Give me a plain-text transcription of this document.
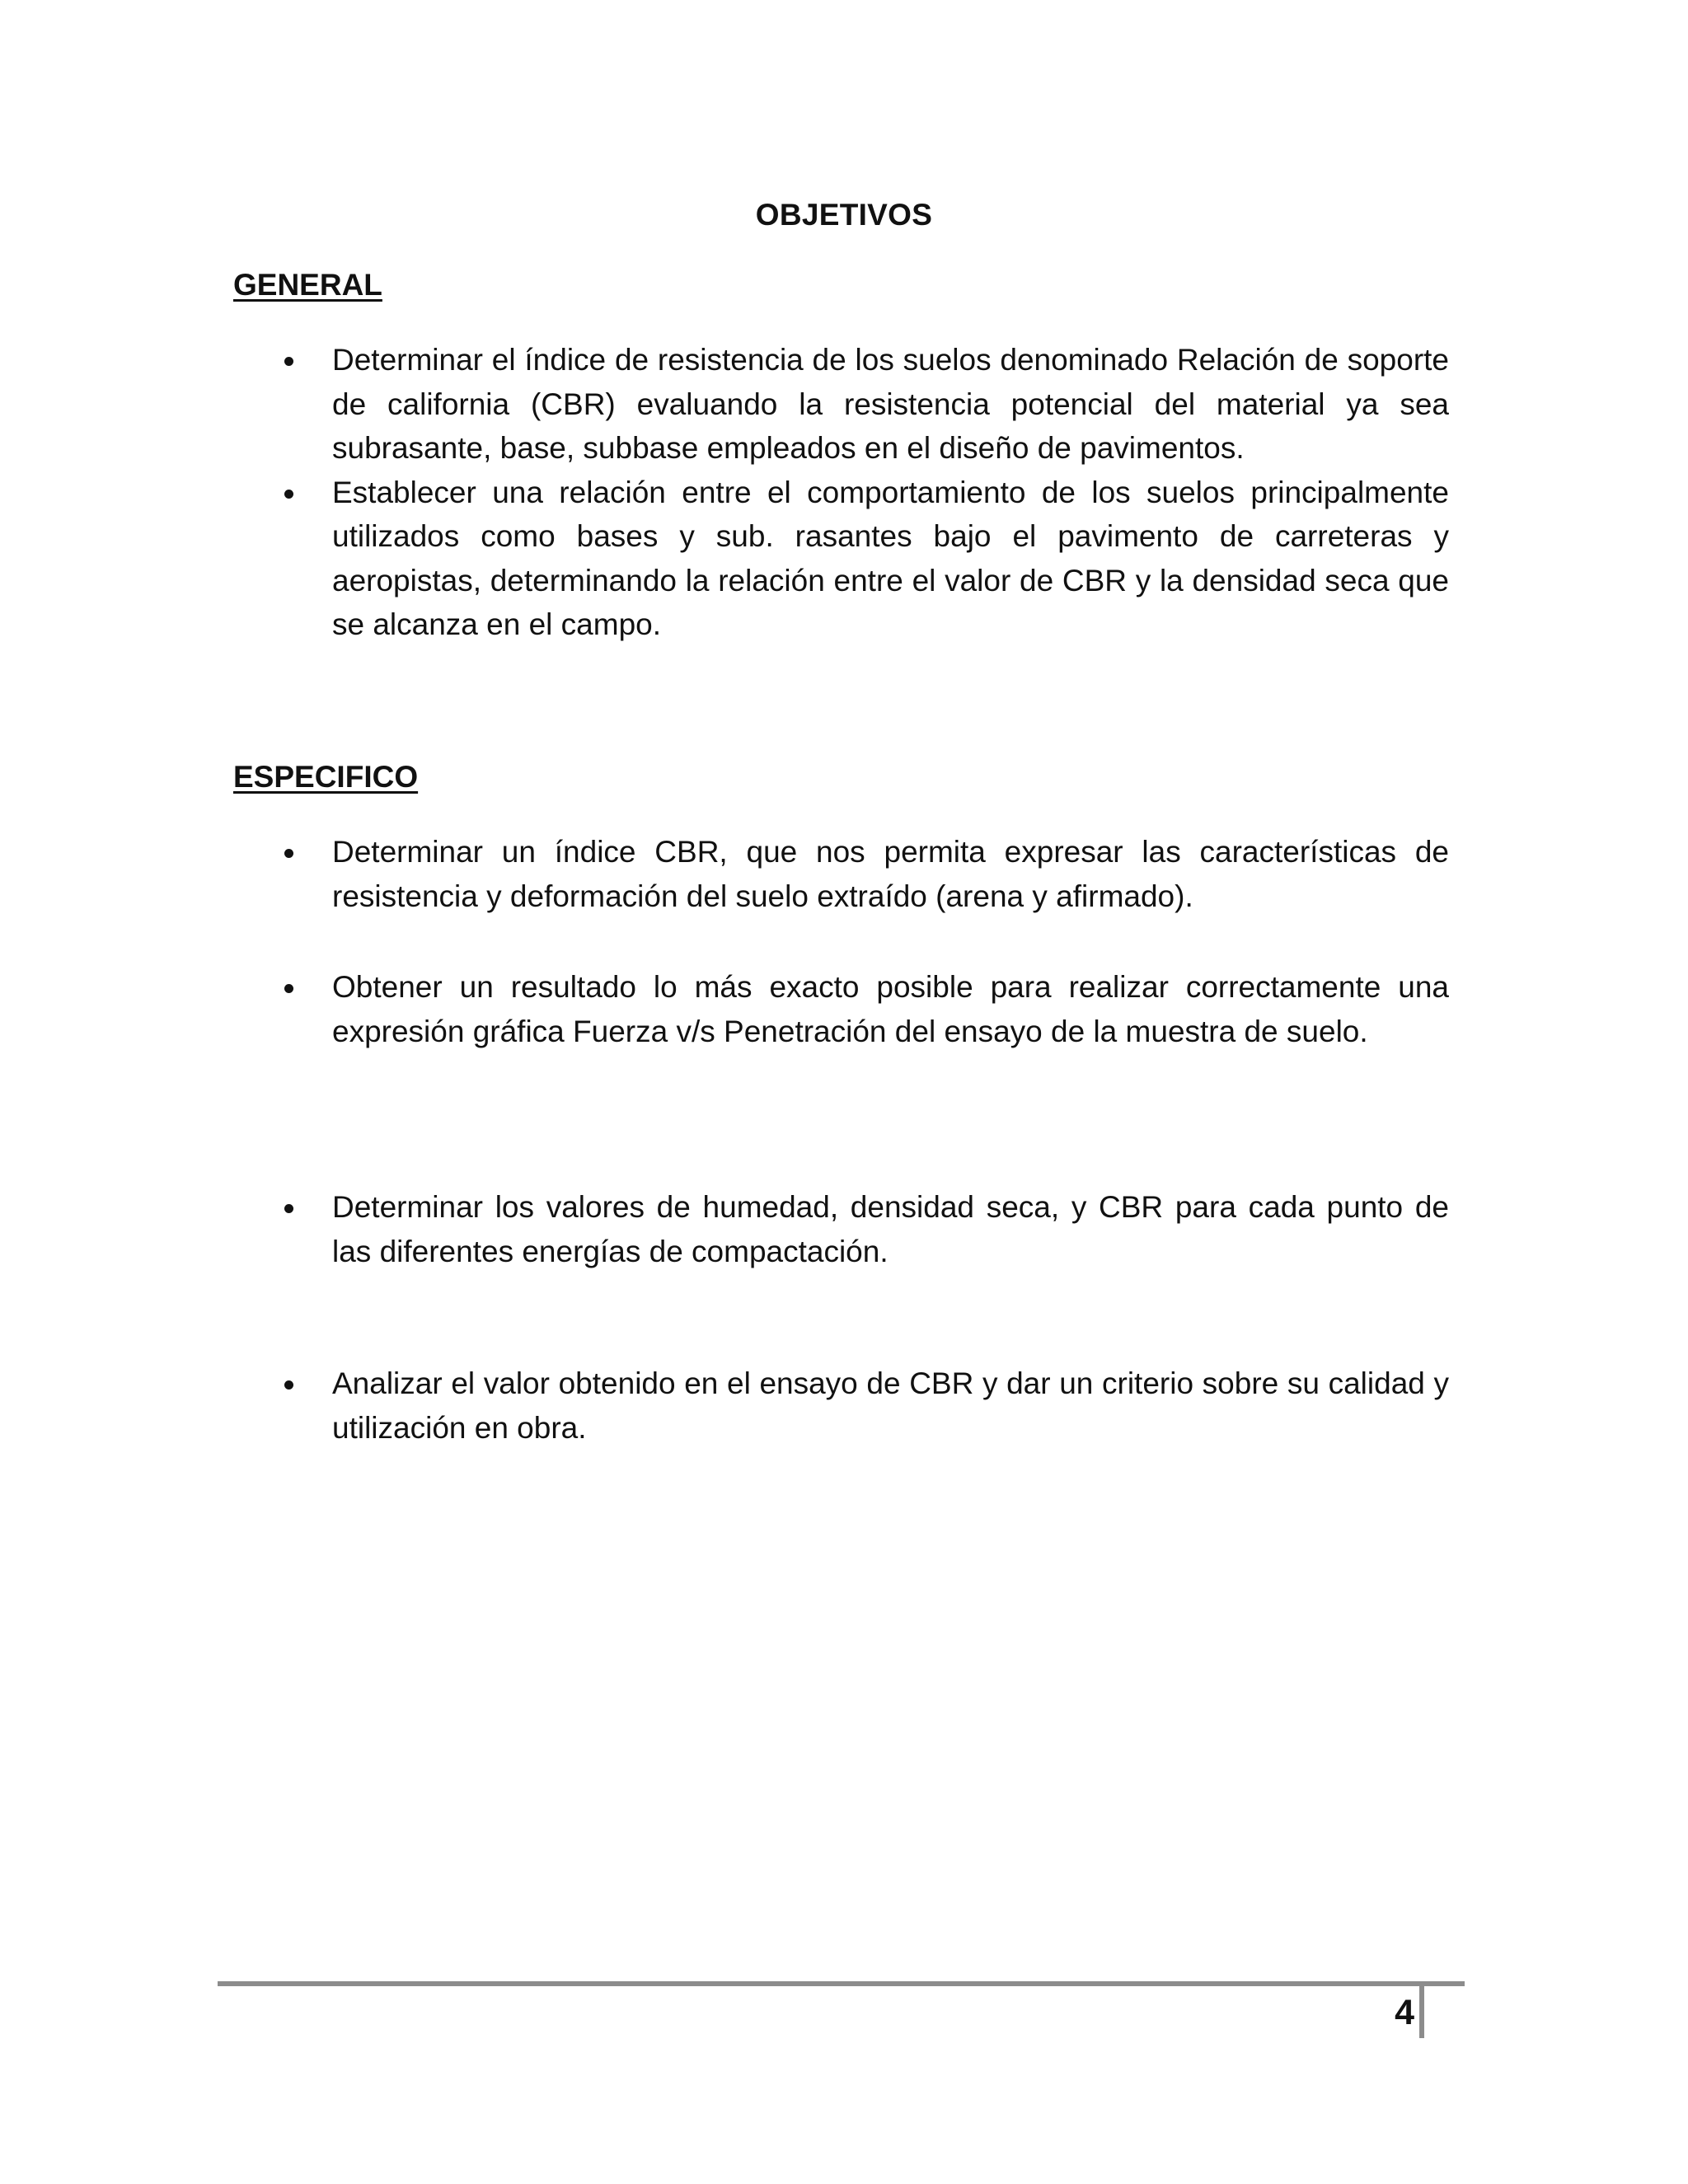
OBJETIVOS
GENERAL
Determinar el índice de resistencia de los suelos denominado Relación de soporte de california (CBR) evaluando la resistencia potencial del material ya sea subrasante, base, subbase empleados en el diseño de pavimentos.
Establecer una relación entre el comportamiento de los suelos principalmente utilizados como bases y sub. rasantes bajo el pavimento de carreteras y aeropistas, determinando la relación entre el valor de CBR y la densidad seca que se alcanza en el campo.
ESPECIFICO
Determinar un índice CBR, que nos permita expresar las características de resistencia y deformación del suelo extraído (arena y afirmado).
Obtener un resultado lo más exacto posible para realizar correctamente una expresión gráfica Fuerza v/s Penetración del ensayo de la muestra de suelo.
Determinar los valores de humedad, densidad seca, y CBR para cada punto de las diferentes energías de compactación.
Analizar el valor obtenido en el ensayo de CBR y dar un criterio sobre su calidad y utilización en obra.
4
